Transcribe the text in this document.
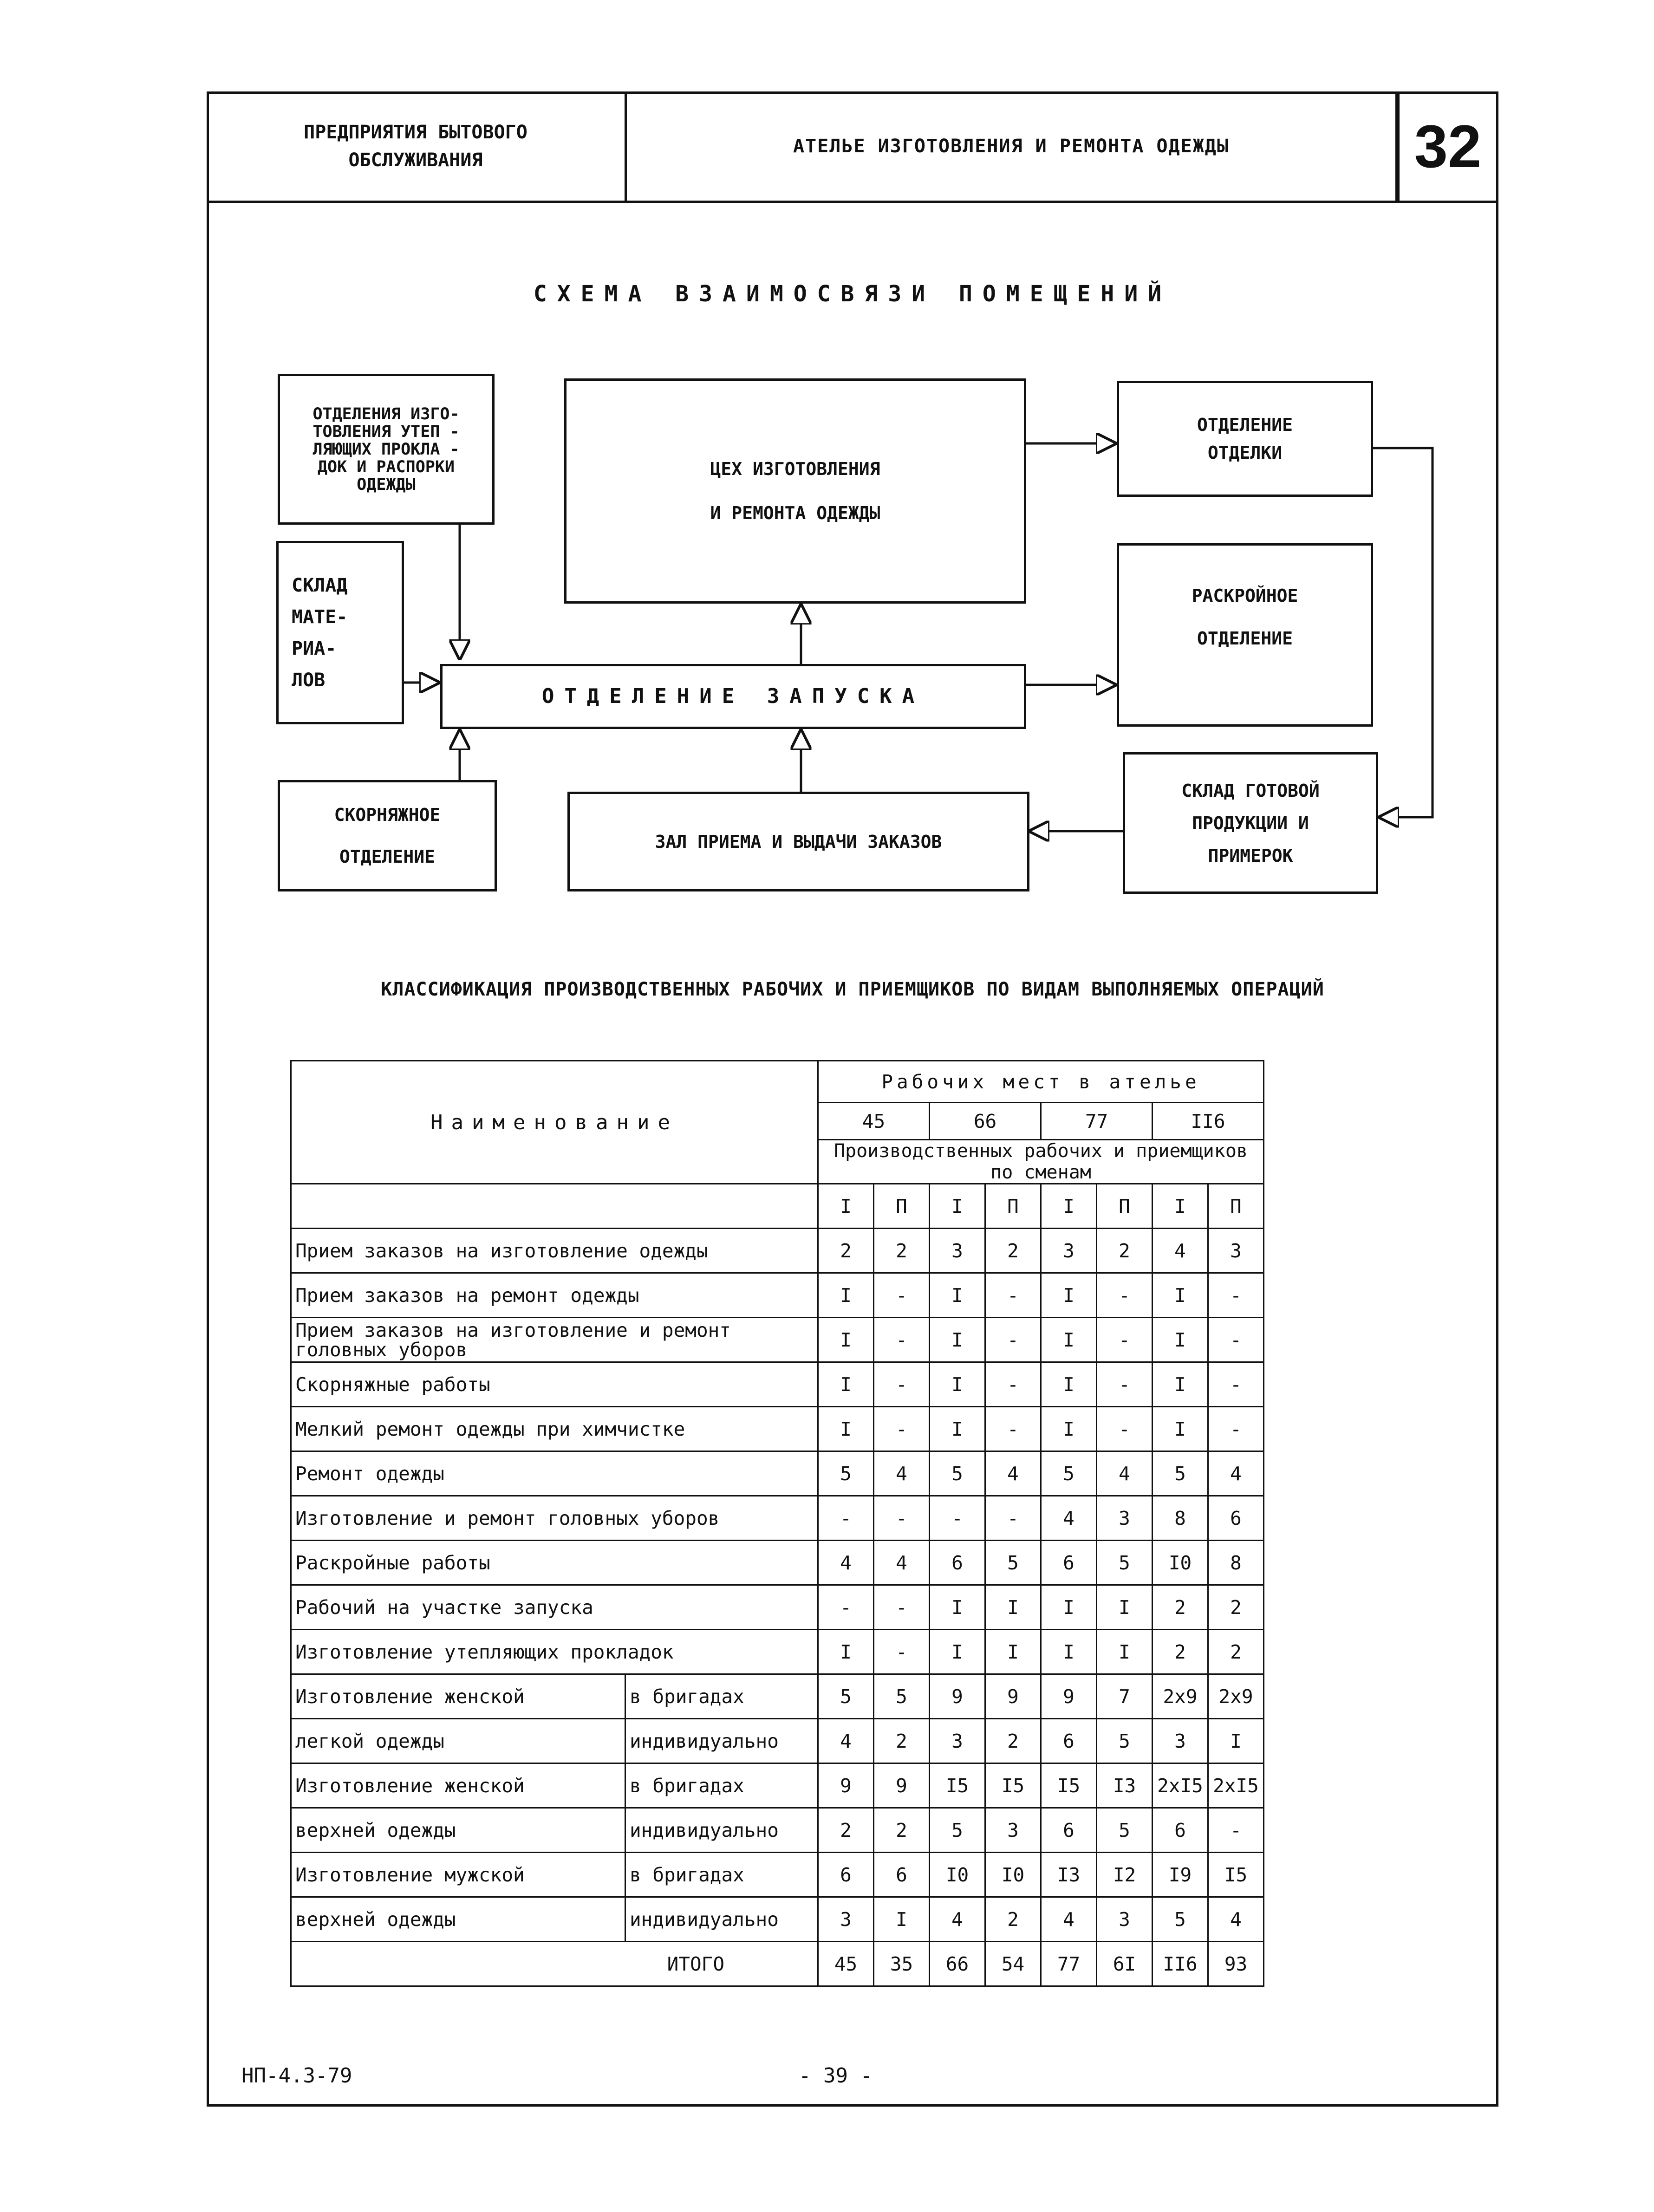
ПРЕДПРИЯТИЯ БЫТОВОГО
ОБСЛУЖИВАНИЯ
АТЕЛЬЕ ИЗГОТОВЛЕНИЯ И РЕМОНТА ОДЕЖДЫ	32
СХЕМА ВЗАИМОСВЯЗИ ПОМЕЩЕНИЙ
ОТДЕЛЕНИЯ ИЗГО-
ТОВЛЕНИЯ УТЕП -
ЛЯЮЩИХ ПРОКЛА -
ДОК И РАСПОРКИ
ОДЕЖДЫ
ЦЕХ ИЗГОТОВЛЕНИЯ
И РЕМОНТА ОДЕЖДЫ
ОТДЕЛЕНИЕ
ОТДЕЛКИ
СКЛАД
МАТЕ-
РИА-
ЛОВ
РАСКРОЙНОЕ
ОТДЕЛЕНИЕ
ОТДЕЛЕНИЕ ЗАПУСКА
СКОРНЯЖНОЕ
ОТДЕЛЕНИЕ
ЗАЛ ПРИЕМА И ВЫДАЧИ ЗАКАЗОВ
СКЛАД ГОТОВОЙ
ПРОДУКЦИИ И
ПРИМЕРОК
КЛАССИФИКАЦИЯ ПРОИЗВОДСТВЕННЫХ РАБОЧИХ И ПРИЕМЩИКОВ ПО ВИДАМ ВЫПОЛНЯЕМЫХ ОПЕРАЦИЙ
Наименование		Рабочих мест в ателье							
		45		66		77		II6	
		Производственных рабочих и приемщиков по сменам							
		I	П	I	П	I	П	I	П
Прием заказов на изготовление одежды		2	2	3	2	3	2	4	3
Прием заказов на ремонт одежды		I	-	I	-	I	-	I	-
Прием заказов на изготовление и ремонт головных уборов		I	-	I	-	I	-	I	-
Скорняжные работы		I	-	I	-	I	-	I	-
Мелкий ремонт одежды при химчистке		I	-	I	-	I	-	I	-
Ремонт одежды		5	4	5	4	5	4	5	4
Изготовление и ремонт головных уборов		-	-	-	-	4	3	8	6
Раскройные работы		4	4	6	5	6	5	I0	8
Рабочий на участке запуска		-	-	I	I	I	I	2	2
Изготовление утепляющих прокладок		I	-	I	I	I	I	2	2
Изготовление женской	в бригадах	5	5	9	9	9	7	2х9	2х9
легкой одежды	индивидуально	4	2	3	2	6	5	3	I
Изготовление женской	в бригадах	9	9	I5	I5	I5	I3	2хI5	2хI5
верхней одежды	индивидуально	2	2	5	3	6	5	6	-
Изготовление мужской	в бригадах	6	6	I0	I0	I3	I2	I9	I5
верхней одежды	индивидуально	3	I	4	2	4	3	5	4
ИТОГО		45	35	66	54	77	6I	II6	93
НП-4.3-79	- 39 -
